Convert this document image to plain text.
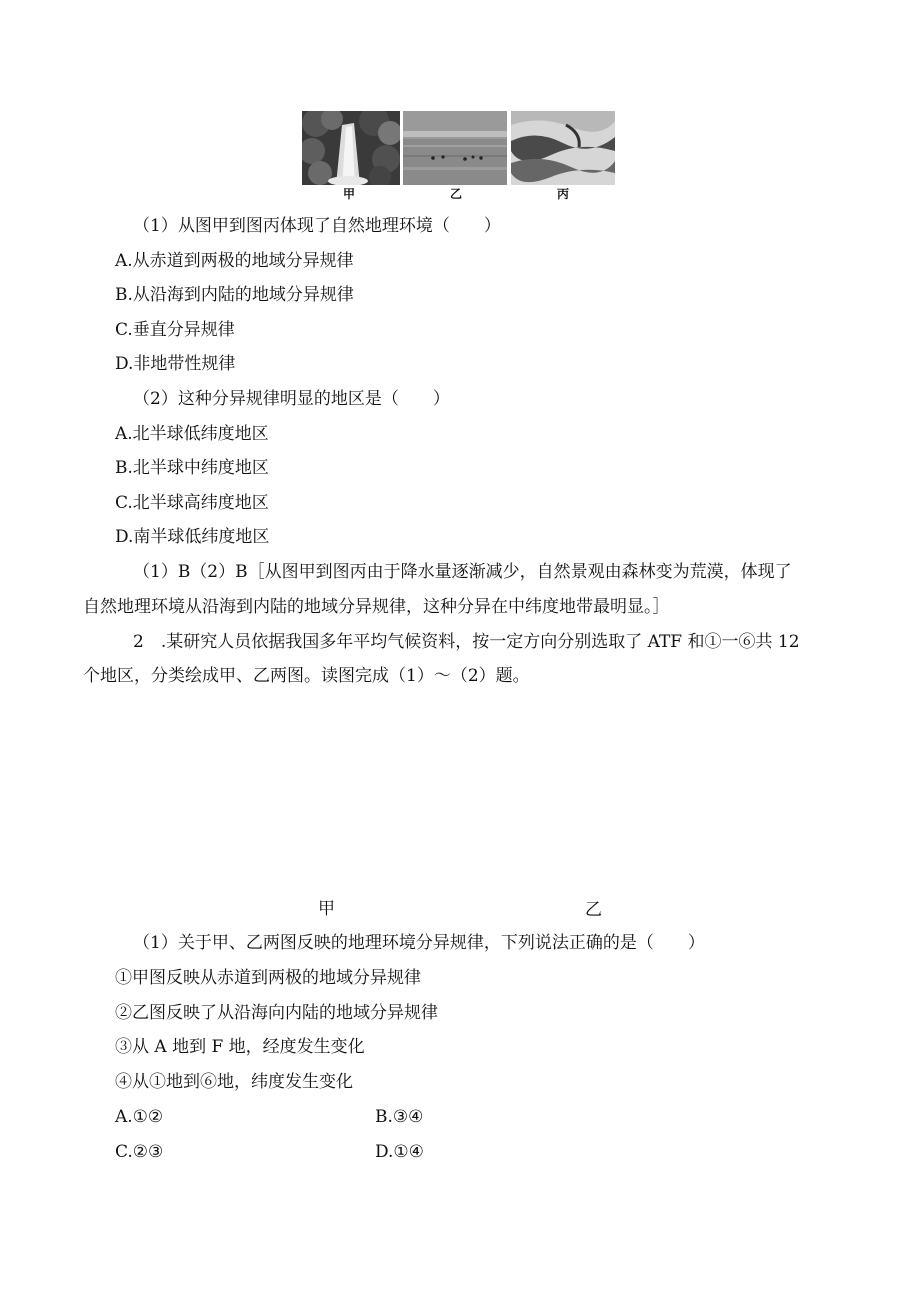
甲	乙	丙
（1）从图甲到图丙体现了自然地理环境（　　）
A.从赤道到两极的地域分异规律
B.从沿海到内陆的地域分异规律
C.垂直分异规律
D.非地带性规律
（2）这种分异规律明显的地区是（　　）
A.北半球低纬度地区
B.北半球中纬度地区
C.北半球高纬度地区
D.南半球低纬度地区
（1）B（2）B［从图甲到图丙由于降水量逐渐减少，自然景观由森林变为荒漠，体现了
自然地理环境从沿海到内陆的地域分异规律，这种分异在中纬度地带最明显。］
2　.某研究人员依据我国多年平均气候资料，按一定方向分别选取了 ATF 和①一⑥共 12
个地区，分类绘成甲、乙两图。读图完成（1）～（2）题。
甲	乙
（1）关于甲、乙两图反映的地理环境分异规律，下列说法正确的是（　　）
①甲图反映从赤道到两极的地域分异规律
②乙图反映了从沿海向内陆的地域分异规律
③从 A 地到 F 地，经度发生变化
④从①地到⑥地，纬度发生变化
A.①②	B.③④
C.②③	D.①④
